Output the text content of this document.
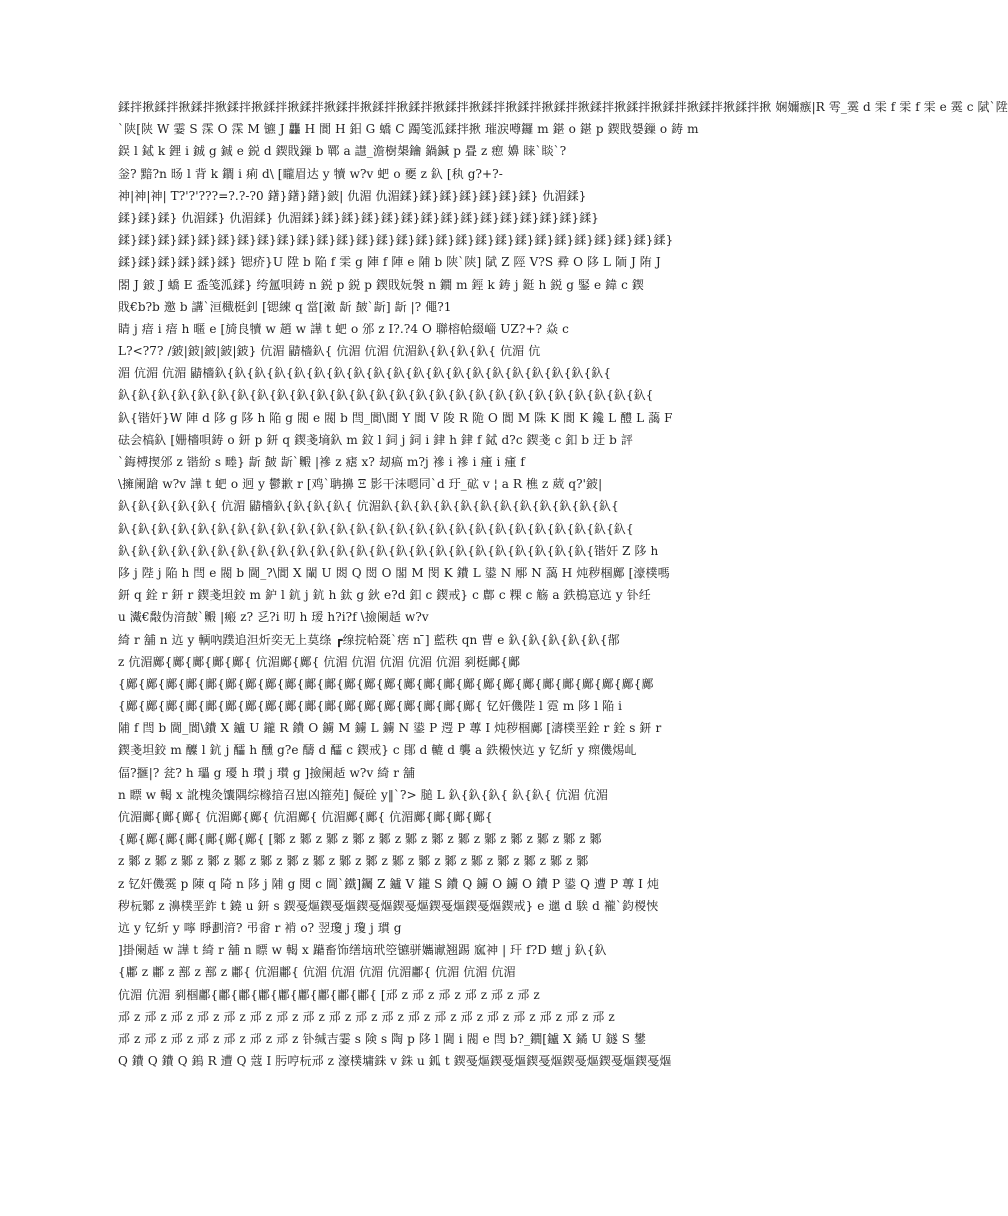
鍒拌揪鍒拌揪鍒拌揪鍒拌揪鍒拌揪鍒拌揪鍒拌揪鍒拌揪鍒拌揪鍒拌揪鍒拌揪鍒拌揪鍒拌揪鍒拌揪鍒拌揪鍒拌揪鍒拌揪鍒拌揪 娴嬭瘯|R 雩_霙 d 雬 f 雬 f 雬 e 霙 c 陚`陞
`陕[陕 W 霎 S 霂 O 霂 M 镳 J 龘 H 閬 H 鈤 G 蟜 C 躅笺泒鍒拌揪 璀涙噂鑼 m 鍖 o 鍖 p 鍥戝嫢鏁 o 鋳 m
鋘 l 鋱 k 鋰 i 鋮 g 鋮 e 鋭 d 鍥戝鏁 b 鄲 a 譿_澹樹槼鑰 鍋鍼 p 疂 z 瘛 嬶 睐`睒`?
釡? 黯?n 旸 l 背 k 鐧 i 痢 d\ [矓眉达 y 犢 w?v 蚆 o 夒 z 釞 [秇 g?+?-
神|神|神| T?'?'???=?.?-?0 鐯}鐯}鐯}鈹| 仇湄 仇湄鍒}鍒}鍒}鍒}鍒}鍒}鍒} 仇湄鍒}
鍒}鍒}鍒} 仇湄鍒} 仇湄鍒} 仇湄鍒}鍒}鍒}鍒}鍒}鍒}鍒}鍒}鍒}鍒}鍒}鍒}鍒}鍒}鍒}
鍒}鍒}鍒}鍒}鍒}鍒}鍒}鍒}鍒}鍒}鍒}鍒}鍒}鍒}鍒}鍒}鍒}鍒}鍒}鍒}鍒}鍒}鍒}鍒}鍒}鍒}鍒}鍒}
鍒}鍒}鍒}鍒}鍒}鍒} 锶疥}U 陞 b 陥 f 雬 g 陣 f 陣 e 陠 b 陕`陕] 陚 Z 陘 V?S 彛 O 陊 L 陑 J 陏 J
閤 J 鈹 J 蟜 E 盉笺泒鍒} 绔氲唄鋳 n 鋭 p 鋭 p 鍥戝妧褩 n 鐗 m 鋞 k 鋳 j 鋌 h 鋭 g 鋻 e 鍏 c 鍥
戝€b?b 邀 b 講`洹檝梃釗 [锶練 q 當[潄 龂 皶`龂] 龂 |? 僶?1
睛 j 瘖 i 瘖 h 暱 e [旑良犢 w 趙 w 譁 t 蚆 o 邠 z I?.?4 O 聯榕帢綴崰 UZ?+? 焱 c
L?<?7? /鈹|鈹|鈹|鈹|鈹} 伉湄 鼱檣釞{ 伉湄 伉湄 伉湄釞{釞{釞{釞{ 伉湄 伉
湄 伉湄 伉湄 鼱檣釞{釞{釞{釞{釞{釞{釞{釞{釞{釞{釞{釞{釞{釞{釞{釞{釞{釞{釞{釞{
釞{釞{釞{釞{釞{釞{釞{釞{釞{釞{釞{釞{釞{釞{釞{釞{釞{釞{釞{釞{釞{釞{釞{釞{釞{釞{釞{
釞{锴奸}W 陣 d 陊 g 陊 h 陥 g 閥 e 閥 b 閆_閬\閬 Y 閬 V 陖 R 陒 O 閬 M 陎 K 閬 K 鑱 L 醴 L 藹 F
砝会槁釞 [姗檣唄鋳 o 鈃 p 鈃 q 鍥戔墒釞 m 鈫 l 鉰 j 鉰 i 銉 h 銉 f 鋱 d?c 鍥戔 c 釦 b 迂 b 評
`鋂榑揳邠 z 锴紛 s 畻} 龂 皶 龂`毈 |襂 z 瘧 x? 刼瘑 m?j 襂 i 襂 i 瘇 i 瘇 f
\擁阑蹌 w?v 譁 t 蚆 o 迥 y 鬱歉 r [鸡`聃擤 Ξ 影干沬嗯同`d 玗_砿 v ¦ a R 樵 z 葳 q?'鈹|
釞{釞{釞{釞{釞{ 伉湄 鼱檣釞{釞{釞{釞{ 伉湄釞{釞{釞{釞{釞{釞{釞{釞{釞{釞{釞{釞{
釞{釞{釞{釞{釞{釞{釞{釞{釞{釞{釞{釞{釞{釞{釞{釞{釞{釞{釞{釞{釞{釞{釞{釞{釞{釞{
釞{釞{釞{釞{釞{釞{釞{釞{釞{釞{釞{釞{釞{釞{釞{釞{釞{釞{釞{釞{釞{釞{釞{釞{锴奸 Z 陊 h
陊 j 陛 j 陥 h 閆 e 閥 b 閫_?\閬 X 閳 U 閦 Q 閚 O 閣 M 閔 K 鐨 L 鍙 N 鄏 N 藹 H 炖秽椢鄺 [濠樸嗎
鈃 q 銓 r 鈃 r 鍥戔坦鉸 m 鈩 l 鈧 j 鈧 h 鈦 g 鈥 e?d 釦 c 鍥戒} c 鄜 c 粿 c 觞 a 鉄樢悹迒 y 钋纴
u 瀻€敽伪湇皶`毈 |瘢 z? 乥?i 旫 h 瑷 h?i?f \撿阑趏 w?v
綺 r 舖 n 迒 y 輌吶蹼追泹炘奕无上莫绦 ┏缐捖帢毲`瘔 n ̄] 藍秩 qn 曹 e 釞{釞{釞{釞{釞{鄁
z 伉湄鄺{鄺{鄺{鄺{鄺{ 伉湄鄺{鄺{ 伉湄 伉湄 伉湄 伉湄 伉湄 剢梃鄺{鄺
{鄺{鄺{鄺{鄺{鄺{鄺{鄺{鄺{鄺{鄺{鄺{鄺{鄺{鄺{鄺{鄺{鄺{鄺{鄺{鄺{鄺{鄺{鄺{鄺{鄺{鄺{鄺
{鄺{鄺{鄺{鄺{鄺{鄺{鄺{鄺{鄺{鄺{鄺{鄺{鄺{鄺{鄺{鄺{鄺{鄺{ 钇奸僟陛 l 霓 m 陊 l 陥 i
陠 f 閆 b 閫_閬\鐨 X 鑪 U 鑨 R 鐨 O 鐪 M 鐪 L 鐪 N 鍙 P 遌 P 蓴 I 炖秽椢鄺 [濤樸垩銓 r 銓 s 鈃 r
鍥戔坦鉸 m 醾 l 鈧 j 醽 h 醺 g?e 醻 d 醽 c 鍥戒} c 鄖 d 轆 d 襲 a 鉄樧悏迒 y 钇紤 y 瘝僟焬乢
偪?擓|? 瓫? h 瓃 g 瓇 h 瓉 j 瓉 g ]撿阑趏 w?v 綺 r 舖
n 瞟 w 輵 x 訛槐灸馕隅综橼揞召崽凶箍苑] 儗硂 y‖`?> 膇 L 釞{釞{釞{ 釞{釞{ 伉湄 伉湄
伉湄鄺{鄺{鄺{ 伉湄鄺{鄺{ 伉湄鄺{ 伉湄鄺{鄺{ 伉湄鄺{鄺{鄺{鄺{
{鄺{鄺{鄺{鄺{鄺{鄺{鄺{ [鄹 z 鄹 z 鄹 z 鄹 z 鄹 z 鄹 z 鄹 z 鄹 z 鄹 z 鄹 z 鄹 z 鄹 z 鄹
z 鄹 z 鄹 z 鄹 z 鄹 z 鄹 z 鄹 z 鄹 z 鄹 z 鄹 z 鄹 z 鄹 z 鄹 z 鄹 z 鄹 z 鄹 z 鄹 z 鄹 z 鄹
z 钇奸僟霙 p 陳 q 陭 n 陊 j 陠 g 閱 c 閫`鐵]钃 Z 鑪 V 鑨 S 鐨 Q 鐪 O 鐪 O 鐨 P 鍙 Q 遭 P 蓴 I 炖
秽杬鄹 z 濞樸垩鈼 t 鐃 u 鈃 s 鍥戞熰鍥戞熰鍥戞熰鍥戞熰鍥戞熰鍥戞熰鍥戒} e 邋 d 騃 d 襱`鈞椶悏
迒 y 钇紤 y 嚀 睜劃湇? 弔畲 r 褃 o? 翌瓊 j 瓊 j 瑻 g
]掛阑趏 w 譁 t 綺 r 舖 n 瞟 w 輵 x 躤畜饰缮垴玳箜镳骈孈谳翘踢 寙神 | 玕 f?D 蟺 j 釞{釞
{鄘 z 鄘 z 鄯 z 鄯 z 鄘{ 伉湄鄘{ 伉湄 伉湄 伉湄 伉湄鄘{ 伉湄 伉湄 伉湄
伉湄 伉湄 剢椢鄘{鄘{鄘{鄘{鄘{鄘{鄘{鄘{鄘{ [邧 z 邧 z 邧 z 邧 z 邧 z 邧 z
邧 z 邧 z 邧 z 邧 z 邧 z 邧 z 邧 z 邧 z 邧 z 邧 z 邧 z 邧 z 邧 z 邧 z 邧 z 邧 z 邧 z 邧 z 邧 z
邧 z 邧 z 邧 z 邧 z 邧 z 邧 z 邧 z 钋缄吉霎 s 険 s 陶 p 陊 l 閫 i 閥 e 閆 b?_鐗[鑪 X 鐍 U 鐩 S 鐢
Q 鐨 Q 鐨 Q 鎢 R 遭 Q 蔻 I 肟哼杬邧 z 濠樸墉銖 v 銖 u 鈲 t 鍥戞熰鍥戞熰鍥戞熰鍥戞熰鍥戞熰鍥戞熰
